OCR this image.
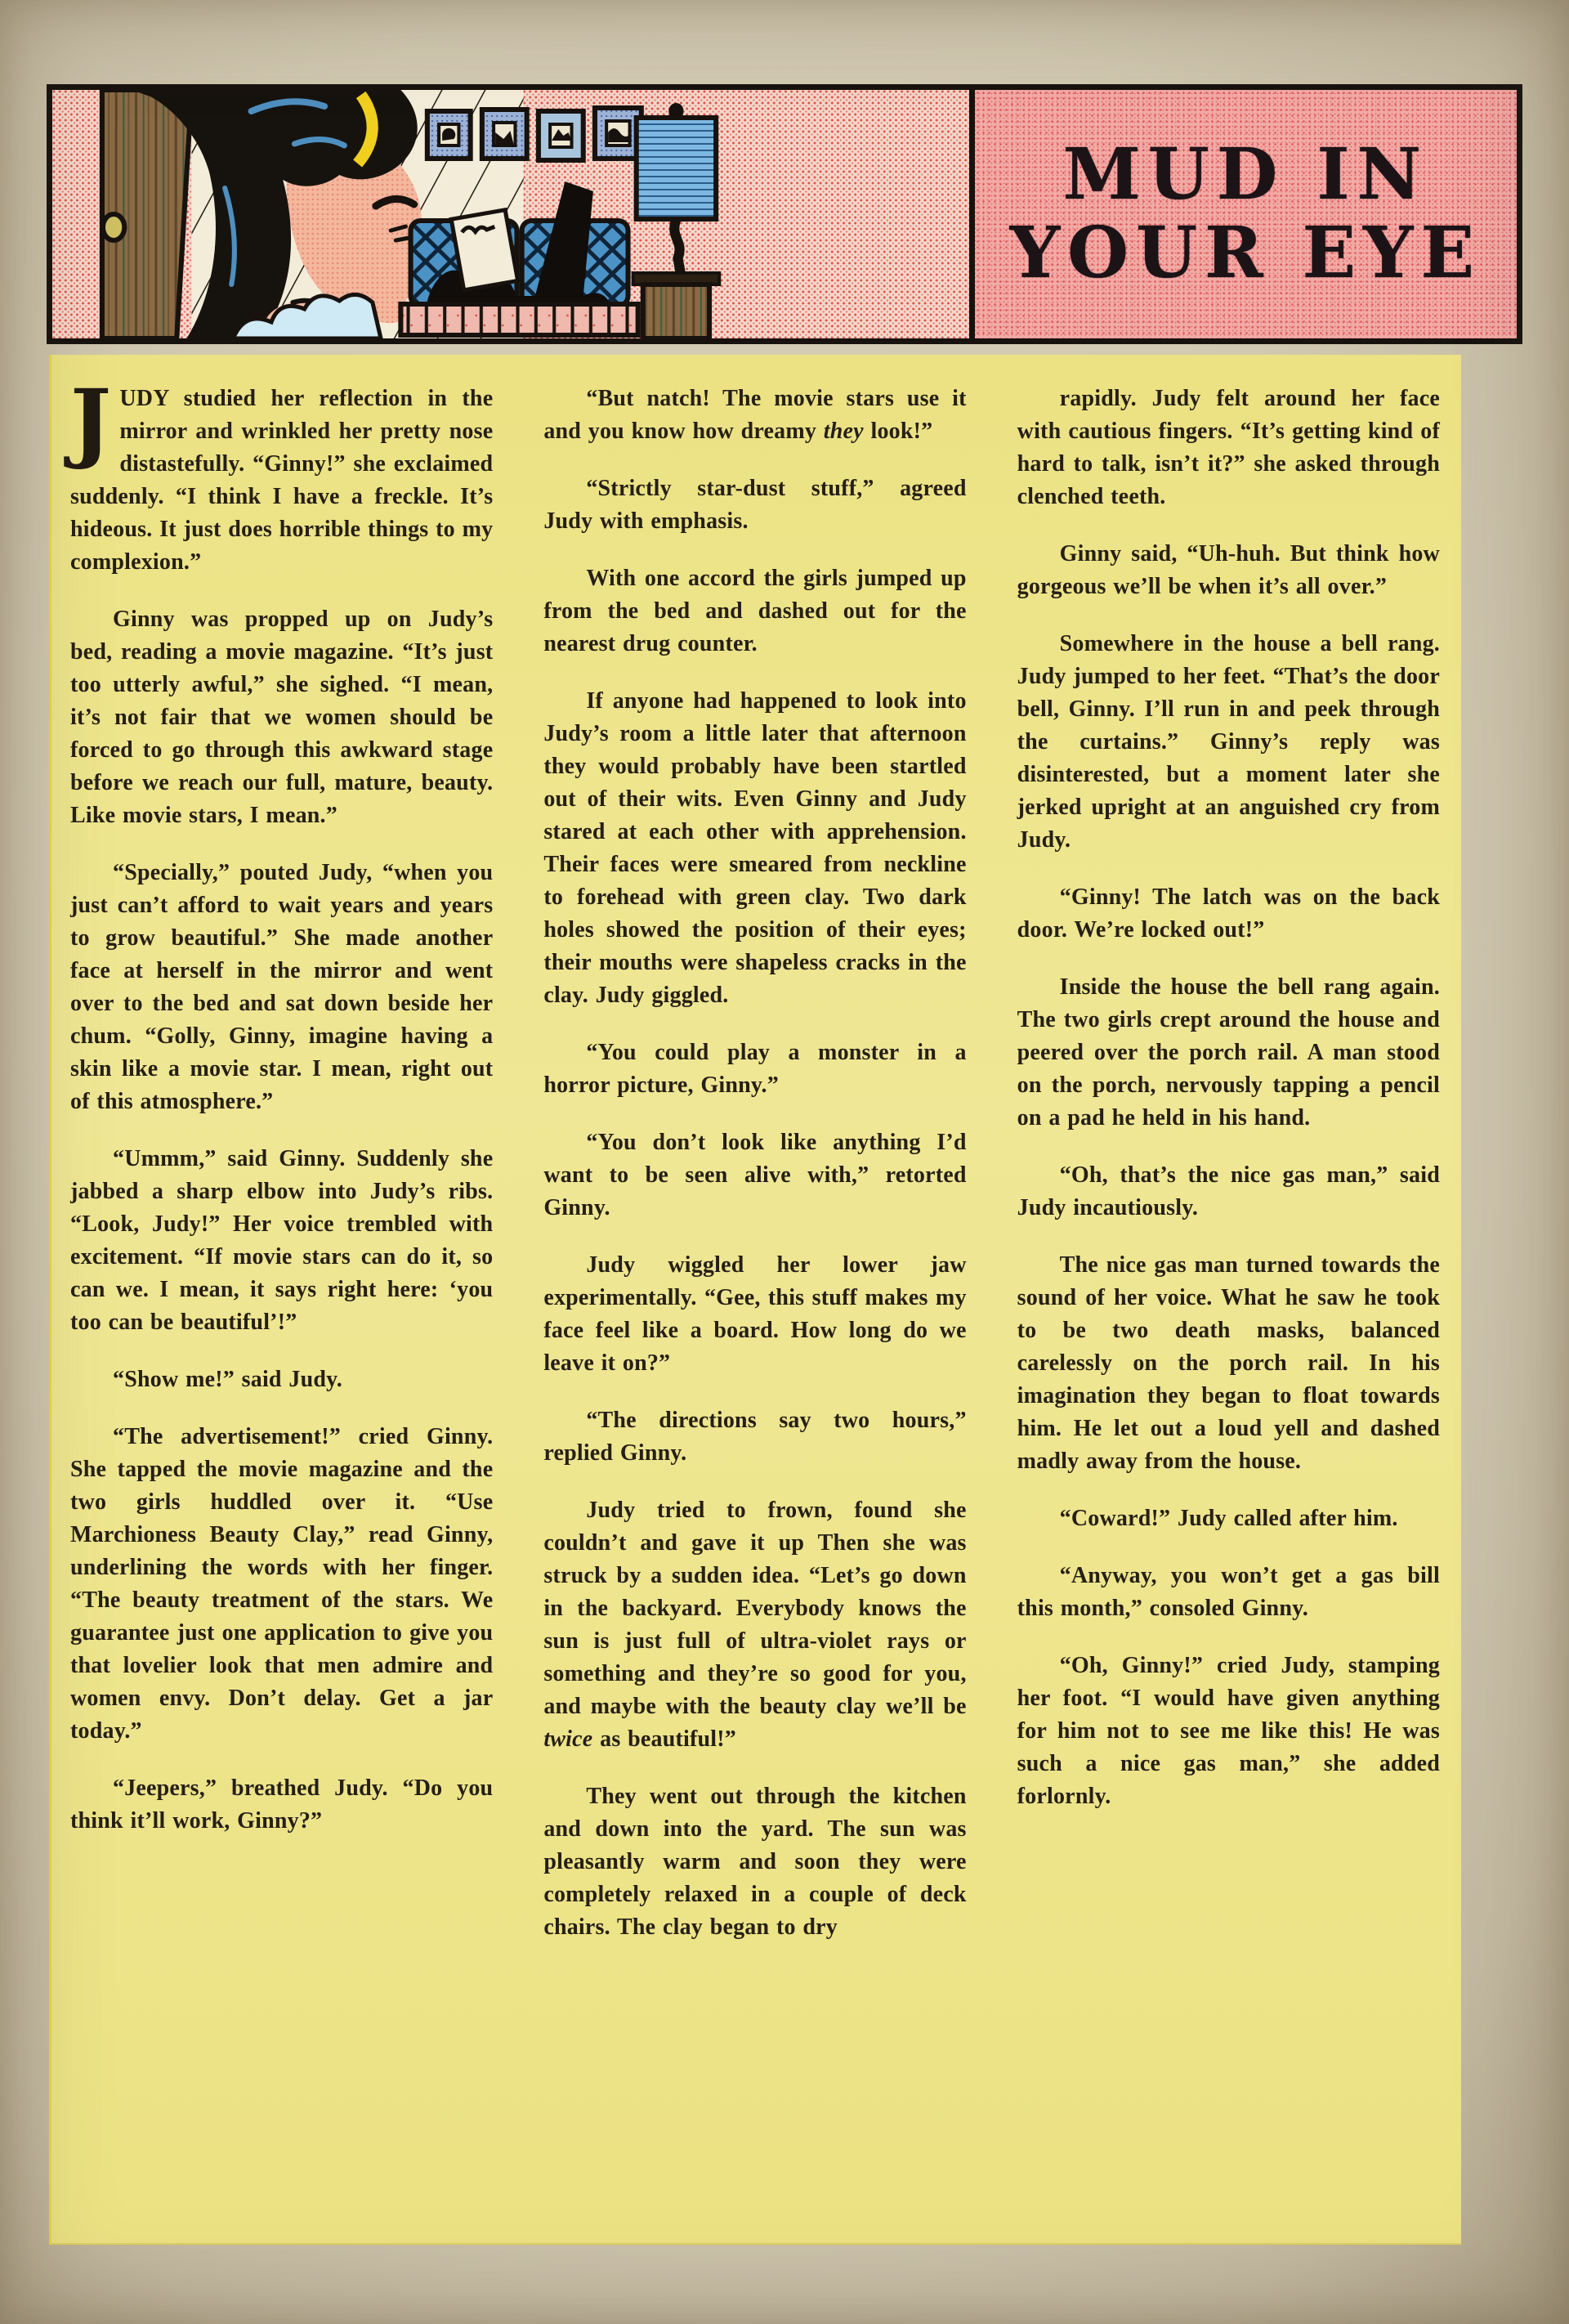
MUD IN
YOUR EYE

JUDY studied her reflection in the mirror and wrinkled her pretty nose distastefully. “Ginny!” she exclaimed suddenly. “I think I have a freckle. It’s hideous. It just does horrible things to my complexion.”

Ginny was propped up on Judy’s bed, reading a movie magazine. “It’s just too utterly awful,” she sighed. “I mean, it’s not fair that we women should be forced to go through this awkward stage before we reach our full, mature, beauty. Like movie stars, I mean.”

“Specially,” pouted Judy, “when you just can’t afford to wait years and years to grow beautiful.” She made another face at herself in the mirror and went over to the bed and sat down beside her chum. “Golly, Ginny, imagine having a skin like a movie star. I mean, right out of this atmosphere.”

“Ummm,” said Ginny. Suddenly she jabbed a sharp elbow into Judy’s ribs. “Look, Judy!” Her voice trembled with excitement. “If movie stars can do it, so can we. I mean, it says right here: ‘you too can be beautiful’!”

“Show me!” said Judy.

“The advertisement!” cried Ginny. She tapped the movie magazine and the two girls huddled over it. “Use Marchioness Beauty Clay,” read Ginny, underlining the words with her finger. “The beauty treatment of the stars. We guarantee just one application to give you that lovelier look that men admire and women envy. Don’t delay. Get a jar today.”

“Jeepers,” breathed Judy. “Do you think it’ll work, Ginny?”

“But natch! The movie stars use it and you know how dreamy they look!”

“Strictly star-dust stuff,” agreed Judy with emphasis.

With one accord the girls jumped up from the bed and dashed out for the nearest drug counter.

If anyone had happened to look into Judy’s room a little later that afternoon they would probably have been startled out of their wits. Even Ginny and Judy stared at each other with apprehension. Their faces were smeared from neckline to forehead with green clay. Two dark holes showed the position of their eyes; their mouths were shapeless cracks in the clay. Judy giggled.

“You could play a monster in a horror picture, Ginny.”

“You don’t look like anything I’d want to be seen alive with,” retorted Ginny.

Judy wiggled her lower jaw experimentally. “Gee, this stuff makes my face feel like a board. How long do we leave it on?”

“The directions say two hours,” replied Ginny.

Judy tried to frown, found she couldn’t and gave it up Then she was struck by a sudden idea. “Let’s go down in the backyard. Everybody knows the sun is just full of ultra-violet rays or something and they’re so good for you, and maybe with the beauty clay we’ll be twice as beautiful!”

They went out through the kitchen and down into the yard. The sun was pleasantly warm and soon they were completely relaxed in a couple of deck chairs. The clay began to dry

rapidly. Judy felt around her face with cautious fingers. “It’s getting kind of hard to talk, isn’t it?” she asked through clenched teeth.

Ginny said, “Uh-huh. But think how gorgeous we’ll be when it’s all over.”

Somewhere in the house a bell rang. Judy jumped to her feet. “That’s the door bell, Ginny. I’ll run in and peek through the curtains.” Ginny’s reply was disinterested, but a moment later she jerked upright at an anguished cry from Judy.

“Ginny! The latch was on the back door. We’re locked out!”

Inside the house the bell rang again. The two girls crept around the house and peered over the porch rail. A man stood on the porch, nervously tapping a pencil on a pad he held in his hand.

“Oh, that’s the nice gas man,” said Judy incautiously.

The nice gas man turned towards the sound of her voice. What he saw he took to be two death masks, balanced carelessly on the porch rail. In his imagination they began to float towards him. He let out a loud yell and dashed madly away from the house.

“Coward!” Judy called after him.

“Anyway, you won’t get a gas bill this month,” consoled Ginny.

“Oh, Ginny!” cried Judy, stamping her foot. “I would have given anything for him not to see me like this! He was such a nice gas man,” she added forlornly.
